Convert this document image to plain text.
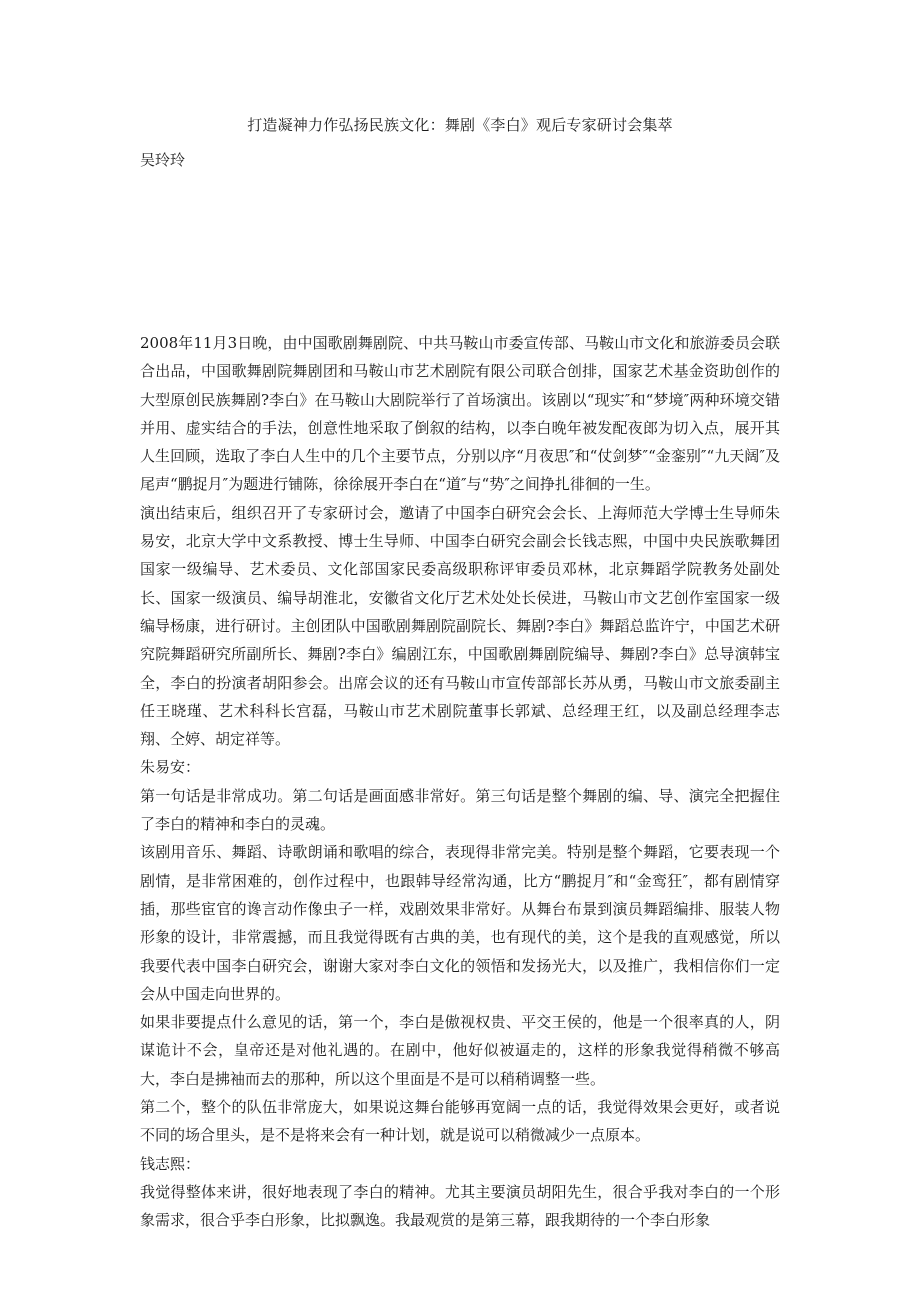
打造凝神力作弘扬民族文化：舞剧《李白》观后专家研讨会集萃
吴玲玲

2008年11月3日晚，由中国歌剧舞剧院、中共马鞍山市委宣传部、马鞍山市文化和旅游委员会联合出品，中国歌舞剧院舞剧团和马鞍山市艺术剧院有限公司联合创排，国家艺术基金资助创作的大型原创民族舞剧?李白》在马鞍山大剧院举行了首场演出。该剧以“现实″和“梦境″两种环境交错并用、虚实结合的手法，创意性地采取了倒叙的结构，以李白晚年被发配夜郎为切入点，展开其人生回顾，选取了李白人生中的几个主要节点，分别以序“月夜思″和“仗剑梦″“金銮别″“九天阔″及尾声“鹏捉月″为题进行铺陈，徐徐展开李白在“道″与“势″之间挣扎徘徊的一生。

演出结束后，组织召开了专家研讨会，邀请了中国李白研究会会长、上海师范大学博士生导师朱易安，北京大学中文系教授、博士生导师、中国李白研究会副会长钱志熙，中国中央民族歌舞团国家一级编导、艺术委员、文化部国家民委高级职称评审委员邓林，北京舞蹈学院教务处副处长、国家一级演员、编导胡淮北，安徽省文化厅艺术处处长侯进，马鞍山市文艺创作室国家一级编导杨康，进行研讨。主创团队中国歌剧舞剧院副院长、舞剧?李白》舞蹈总监许宁，中国艺术研究院舞蹈研究所副所长、舞剧?李白》编剧江东，中国歌剧舞剧院编导、舞剧?李白》总导演韩宝全，李白的扮演者胡阳参会。出席会议的还有马鞍山市宣传部部长苏从勇，马鞍山市文旅委副主任王晓瑾、艺术科科长宫磊，马鞍山市艺术剧院董事长郭斌、总经理王红，以及副总经理李志翔、仝婷、胡定祥等。

朱易安：

第一句话是非常成功。第二句话是画面感非常好。第三句话是整个舞剧的编、导、演完全把握住了李白的精神和李白的灵魂。

该剧用音乐、舞蹈、诗歌朗诵和歌唱的综合，表现得非常完美。特别是整个舞蹈，它要表现一个剧情，是非常困难的，创作过程中，也跟韩导经常沟通，比方“鹏捉月″和“金鸾狂″，都有剧情穿插，那些宦官的谗言动作像虫子一样，戏剧效果非常好。从舞台布景到演员舞蹈编排、服装人物形象的设计，非常震撼，而且我觉得既有古典的美，也有现代的美，这个是我的直观感觉，所以我要代表中国李白研究会，谢谢大家对李白文化的领悟和发扬光大，以及推广，我相信你们一定会从中国走向世界的。

如果非要提点什么意见的话，第一个，李白是傲视权贵、平交王侯的，他是一个很率真的人，阴谋诡计不会，皇帝还是对他礼遇的。在剧中，他好似被逼走的，这样的形象我觉得稍微不够高大，李白是拂袖而去的那种，所以这个里面是不是可以稍稍调整一些。

第二个，整个的队伍非常庞大，如果说这舞台能够再宽阔一点的话，我觉得效果会更好，或者说不同的场合里头，是不是将来会有一种计划，就是说可以稍微减少一点原本。

钱志熙：

我觉得整体来讲，很好地表现了李白的精神。尤其主要演员胡阳先生，很合乎我对李白的一个形象需求，很合乎李白形象，比拟飘逸。我最观赏的是第三幕，跟我期待的一个李白形象
